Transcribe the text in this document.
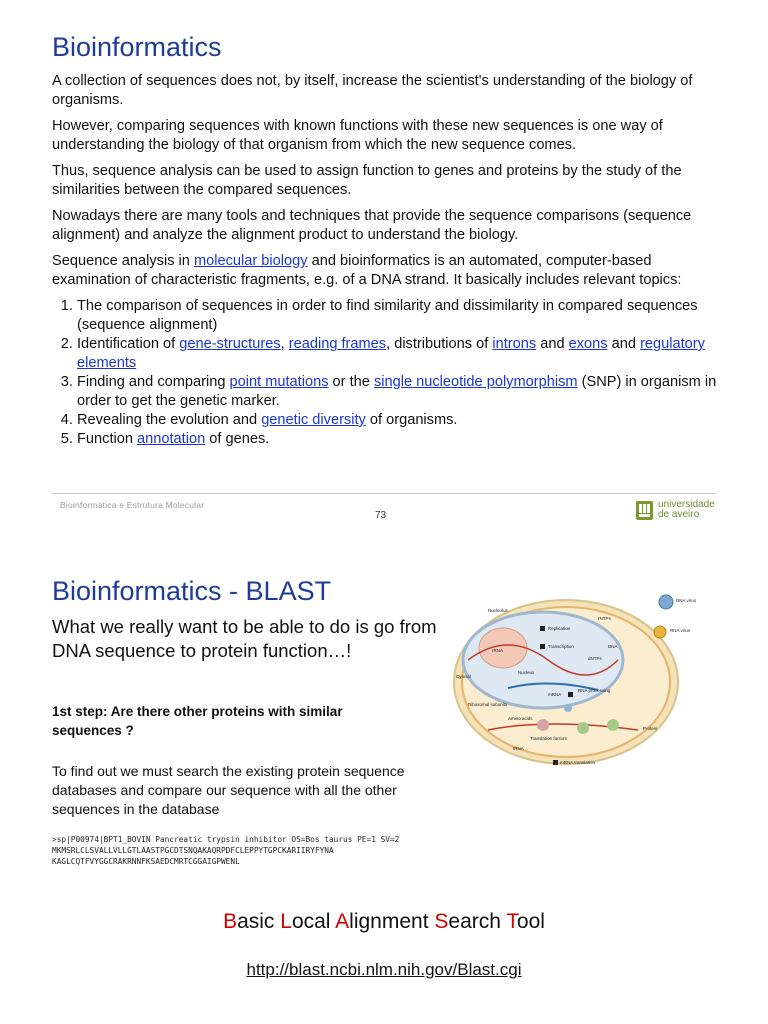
Bioinformatics

A collection of sequences does not, by itself, increase the scientist's understanding of the biology of organisms.

However, comparing sequences with known functions with these new sequences is one way of understanding the biology of that organism from which the new sequence comes.

Thus, sequence analysis can be used to assign function to genes and proteins by the study of the similarities between the compared sequences.

Nowadays there are many tools and techniques that provide the sequence comparisons (sequence alignment) and analyze the alignment product to understand the biology.

Sequence analysis in molecular biology and bioinformatics is an automated, computer-based examination of characteristic fragments, e.g. of a DNA strand. It basically includes relevant topics:

1. The comparison of sequences in order to find similarity and dissimilarity in compared sequences (sequence alignment)
2. Identification of gene-structures, reading frames, distributions of introns and exons and regulatory elements
3. Finding and comparing point mutations or the single nucleotide polymorphism (SNP) in organism in order to get the genetic marker.
4. Revealing the evolution and genetic diversity of organisms.
5. Function annotation of genes.
Bioinformática e Estrutura Molecular
73
universidade
de aveiro
Bioinformatics - BLAST

What we really want to be able to do is go from DNA sequence to protein function…!

1st step: Are there other proteins with similar sequences ?

To find out we must search the existing protein sequence databases and compare our sequence with all the other sequences in the database

>sp|P00974|BPT1_BOVIN Pancreatic trypsin inhibitor OS=Bos taurus PE=1 SV=2
MKMSRLCLSVALLVLLGTLAASTPGCDTSNQAKAQRPDFCLEPPYTGPCKARIIRYFYNA
KAGLCQTFVYGGCRAKRNNFKSAEDCMRTCGGAIGPWENL
Nucleolus
Replication
Transcription
Cytosol
Nucleus
mRNA
RNA processing
Ribosomal subunits
Amino acids
Translation factors
tRNA
mRNA translation
Protein
DNA virus
RNA virus
rNTPs
dNTPs
DNA
rRNA
Basic Local Alignment Search Tool
http://blast.ncbi.nlm.nih.gov/Blast.cgi
